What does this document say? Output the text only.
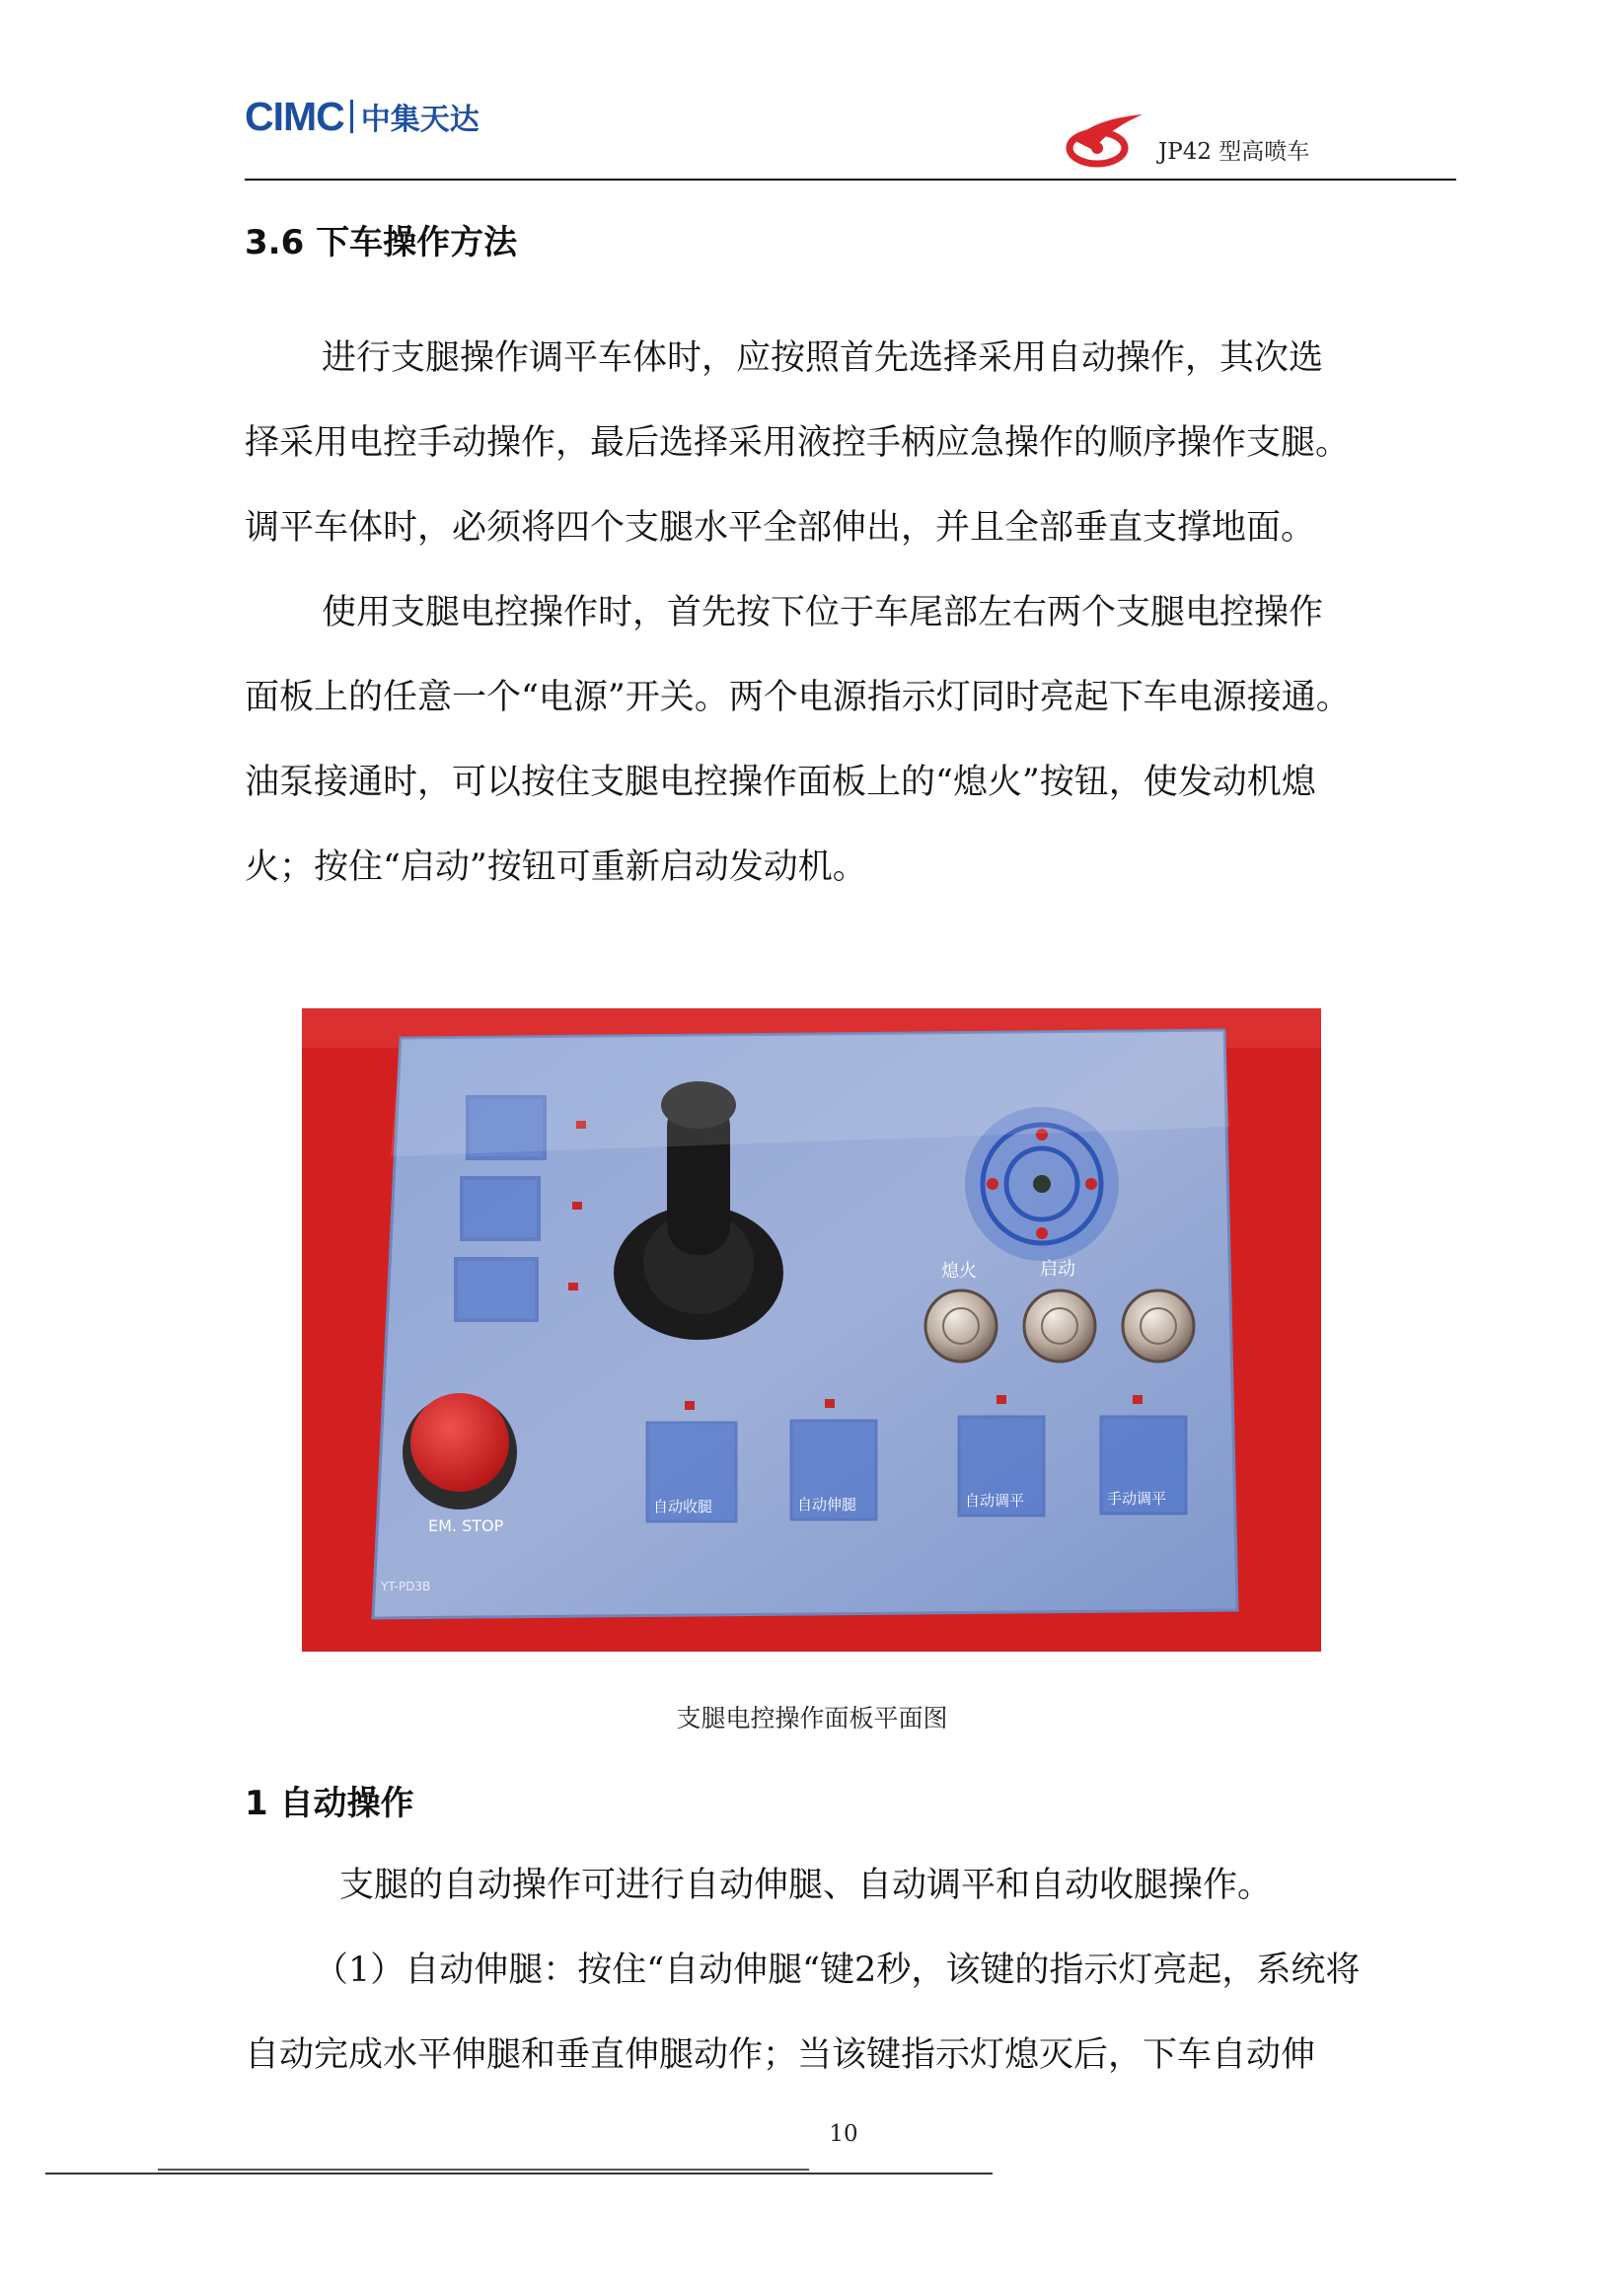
CIMC 中集天达
JP42 型高喷车
3.6 下车操作方法
进行支腿操作调平车体时，应按照首先选择采用自动操作，其次选
择采用电控手动操作，最后选择采用液控手柄应急操作的顺序操作支腿。
调平车体时，必须将四个支腿水平全部伸出，并且全部垂直支撑地面。
使用支腿电控操作时，首先按下位于车尾部左右两个支腿电控操作
面板上的任意一个“电源”开关。两个电源指示灯同时亮起下车电源接通。
油泵接通时，可以按住支腿电控操作面板上的“熄火”按钮，使发动机熄
火；按住“启动”按钮可重新启动发动机。
熄火	启动
EM. STOP
自动收腿	自动伸腿	自动调平	手动调平
YT-PD3B
支腿电控操作面板平面图
1 自动操作
支腿的自动操作可进行自动伸腿、自动调平和自动收腿操作。
（1）自动伸腿：按住“自动伸腿“键2秒，该键的指示灯亮起，系统将
自动完成水平伸腿和垂直伸腿动作；当该键指示灯熄灭后，下车自动伸
10
